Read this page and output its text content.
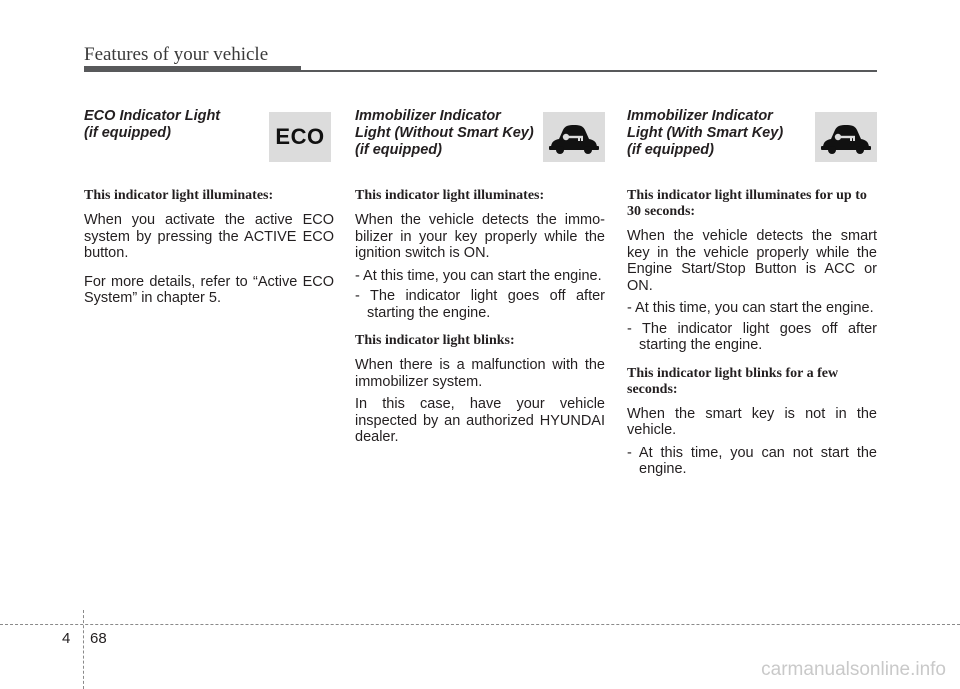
Features of your vehicle

ECO Indicator Light
(if equipped)	ECO

This indicator light illuminates:

When you activate the active ECO system by pressing the ACTIVE ECO button.

For more details, refer to “Active ECO System” in chapter 5.

Immobilizer Indicator
Light (Without Smart Key)
(if equipped)

This indicator light illuminates:

When the vehicle detects the immo-bilizer in your key properly while the ignition switch is ON.

- At this time, you can start the engine.

- The indicator light goes off after starting the engine.

This indicator light blinks:

When there is a malfunction with the immobilizer system.

In this case, have your vehicle inspected by an authorized HYUNDAI dealer.

Immobilizer Indicator
Light (With Smart Key)
(if equipped)

This indicator light illuminates for up to 30 seconds:

When the vehicle detects the smart key in the vehicle properly while the Engine Start/Stop Button is ACC or ON.

- At this time, you can start the engine.

- The indicator light goes off after starting the engine.

This indicator light blinks for a few seconds:

When the smart key is not in the vehicle.

- At this time, you can not start the engine.

4 68
carmanualsonline.info
